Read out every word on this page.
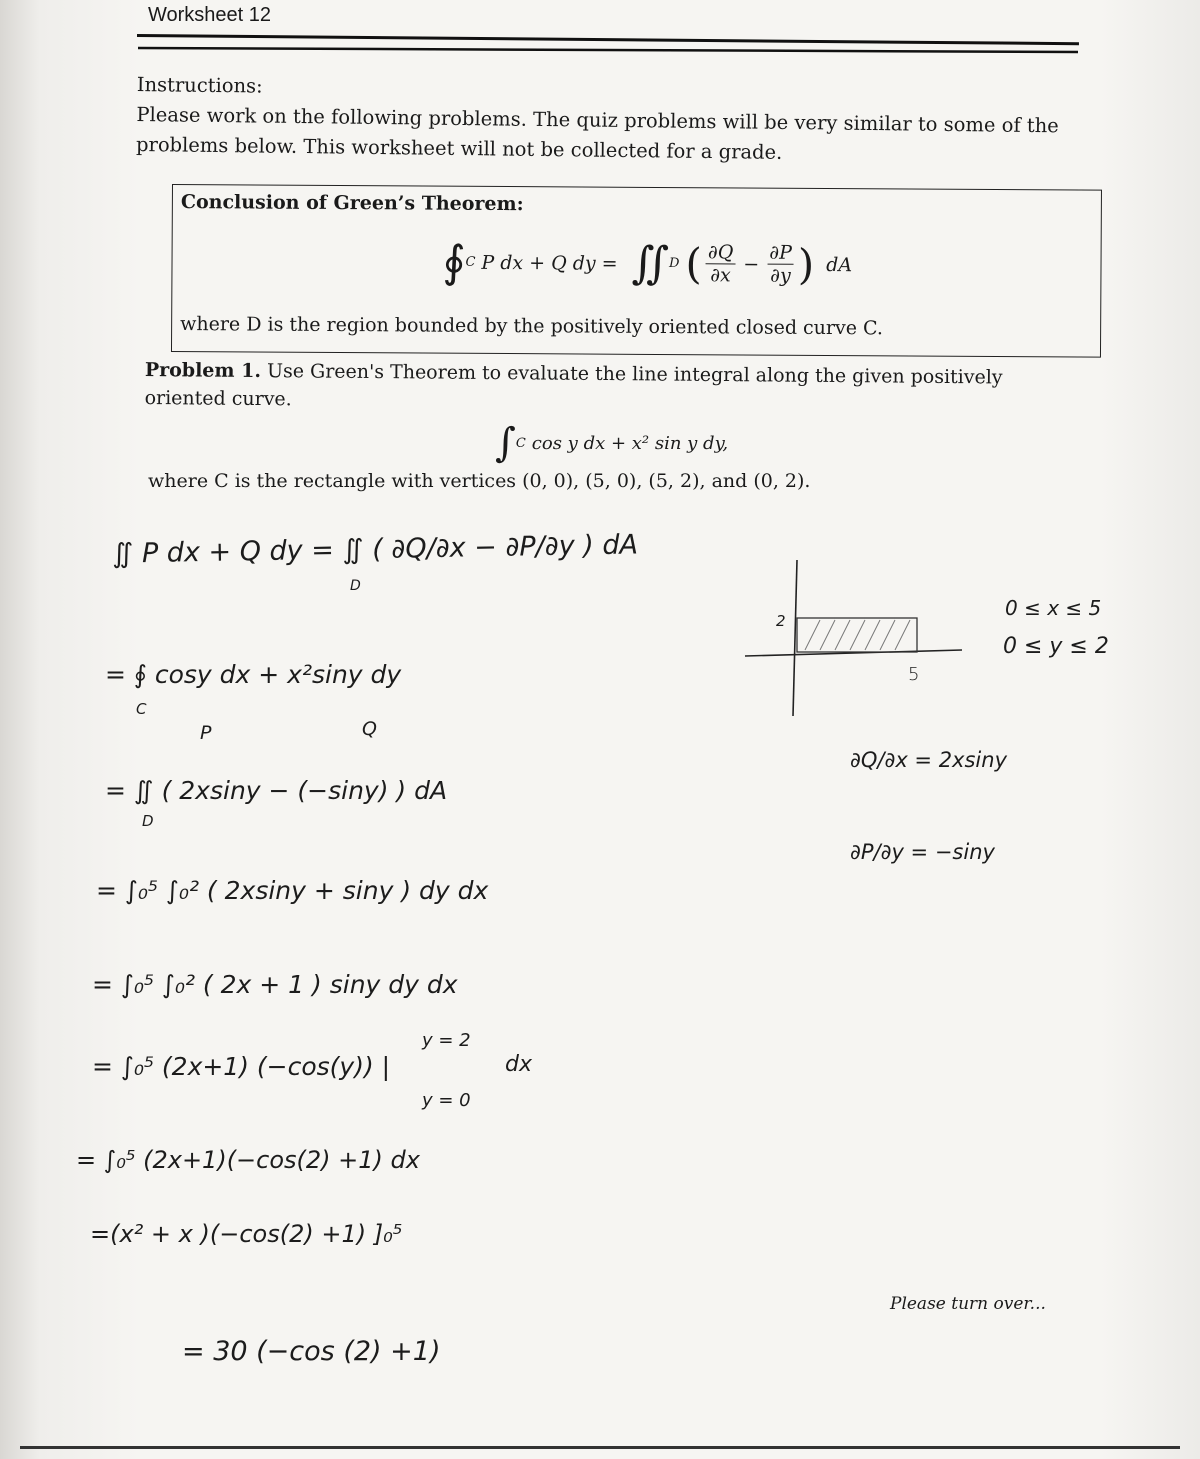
Worksheet 12
Instructions:
Please work on the following problems. The quiz problems will be very similar to some of the problems below. This worksheet will not be collected for a grade.
Conclusion of Green’s Theorem:
∮ C P dx + Q dy = ∬ D ( $\frac{\partial Q}{\partial x} - \frac{\partial P}{\partial y}$ ) dA
where D is the region bounded by the positively oriented closed curve C.
Problem 1. Use Green's Theorem to evaluate the line integral along the given positively oriented curve.
∫ C cos y dx + x² sin y dy,
where C is the rectangle with vertices (0, 0), (5, 0), (5, 2), and (0, 2).
∬ P dx + Q dy = ∬ ( ∂Q/∂x − ∂P/∂y ) dA
D
= ∮ cosy dx + x²siny dy
C
P	Q
= ∬ ( 2xsiny − (−siny) ) dA
D
= ∫₀⁵ ∫₀² ( 2xsiny + siny ) dy dx
= ∫₀⁵ ∫₀² ( 2x + 1 ) siny dy dx
= ∫₀⁵ (2x+1) (−cos(y)) |
y = 2
y = 0
dx
= ∫₀⁵ (2x+1)(−cos(2) +1) dx
=(x² + x )(−cos(2) +1) ]₀⁵
= 30 (−cos (2) +1)
2
5
0 ≤ x ≤ 5
0 ≤ y ≤ 2
∂Q/∂x = 2xsiny
∂P/∂y = −siny
Please turn over...
